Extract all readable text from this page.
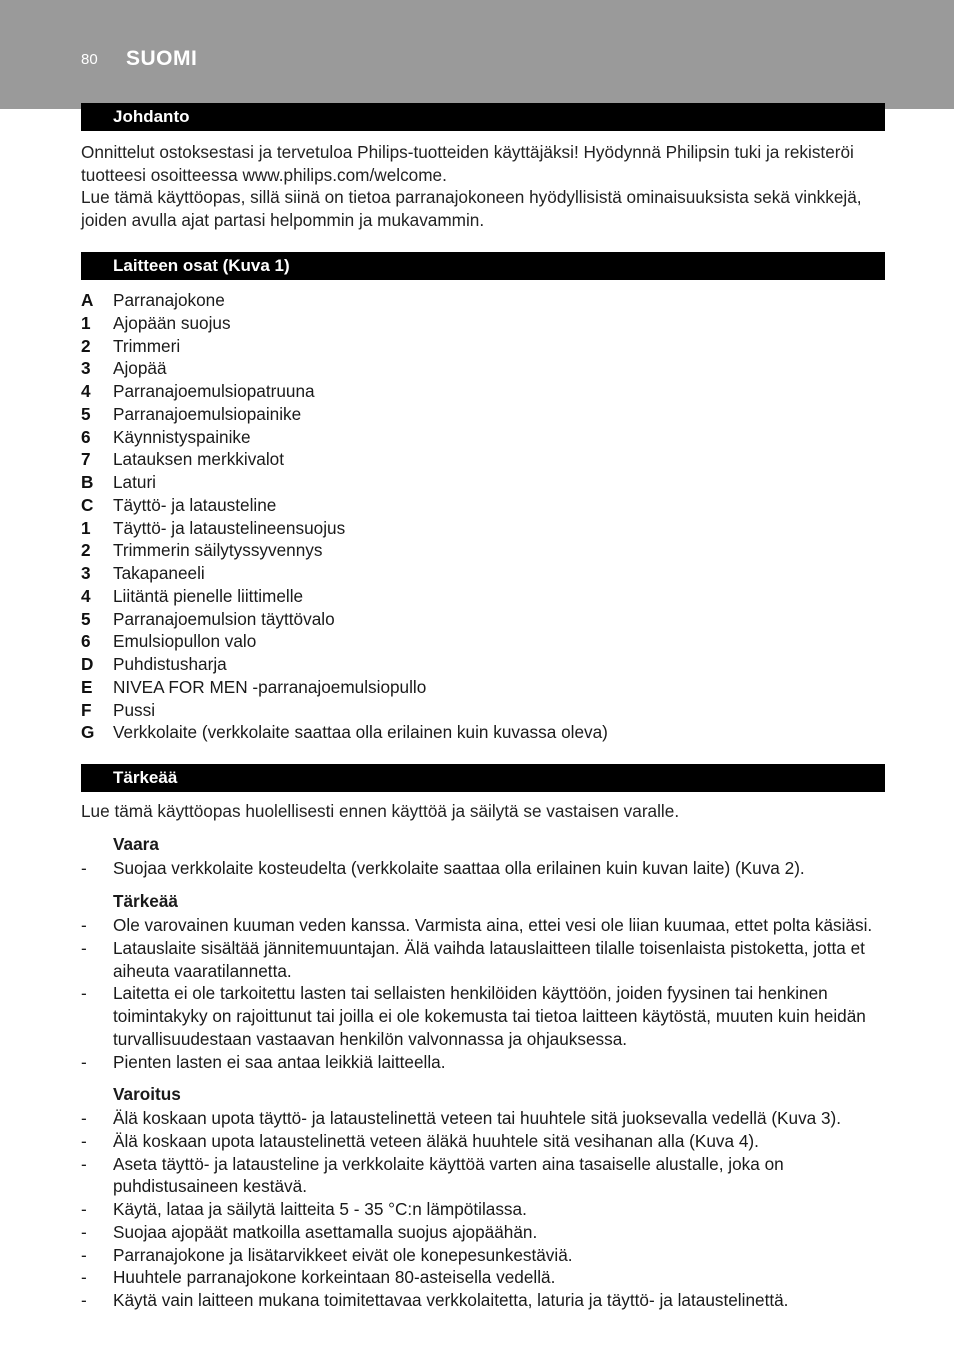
80 SUOMI
Johdanto

Onnittelut ostoksestasi ja tervetuloa Philips-tuotteiden käyttäjäksi! Hyödynnä Philipsin tuki ja rekisteröi tuotteesi osoitteessa www.philips.com/welcome.

Lue tämä käyttöopas, sillä siinä on tietoa parranajokoneen hyödyllisistä ominaisuuksista sekä vinkkejä, joiden avulla ajat partasi helpommin ja mukavammin.

Laitteen osat (Kuva 1)
A Parranajokone
1 Ajopään suojus
2 Trimmeri
3 Ajopää
4 Parranajoemulsiopatruuna
5 Parranajoemulsiopainike
6 Käynnistyspainike
7 Latauksen merkkivalot
B Laturi
C Täyttö- ja latausteline
1 Täyttö- ja lataustelineensuojus
2 Trimmerin säilytyssyvennys
3 Takapaneeli
4 Liitäntä pienelle liittimelle
5 Parranajoemulsion täyttövalo
6 Emulsiopullon valo
D Puhdistusharja
E NIVEA FOR MEN -parranajoemulsiopullo
F Pussi
G Verkkolaite (verkkolaite saattaa olla erilainen kuin kuvassa oleva)
Tärkeää

Lue tämä käyttöopas huolellisesti ennen käyttöä ja säilytä se vastaisen varalle.

Vaara

- Suojaa verkkolaite kosteudelta (verkkolaite saattaa olla erilainen kuin kuvan laite) (Kuva 2).

Tärkeää

- Ole varovainen kuuman veden kanssa. Varmista aina, ettei vesi ole liian kuumaa, ettet polta käsiäsi.
- Latauslaite sisältää jännitemuuntajan. Älä vaihda latauslaitteen tilalle toisenlaista pistoketta, jotta et aiheuta vaaratilannetta.
- Laitetta ei ole tarkoitettu lasten tai sellaisten henkilöiden käyttöön, joiden fyysinen tai henkinen toimintakyky on rajoittunut tai joilla ei ole kokemusta tai tietoa laitteen käytöstä, muuten kuin heidän turvallisuudestaan vastaavan henkilön valvonnassa ja ohjauksessa.
- Pienten lasten ei saa antaa leikkiä laitteella.

Varoitus

- Älä koskaan upota täyttö- ja lataustelinettä veteen tai huuhtele sitä juoksevalla vedellä (Kuva 3).
- Älä koskaan upota lataustelinettä veteen äläkä huuhtele sitä vesihanan alla (Kuva 4).
- Aseta täyttö- ja latausteline ja verkkolaite käyttöä varten aina tasaiselle alustalle, joka on puhdistusaineen kestävä.
- Käytä, lataa ja säilytä laitteita 5 - 35 °C:n lämpötilassa.
- Suojaa ajopäät matkoilla asettamalla suojus ajopäähän.
- Parranajokone ja lisätarvikkeet eivät ole konepesunkestäviä.
- Huuhtele parranajokone korkeintaan 80-asteisella vedellä.
- Käytä vain laitteen mukana toimitettavaa verkkolaitetta, laturia ja täyttö- ja lataustelinettä.
